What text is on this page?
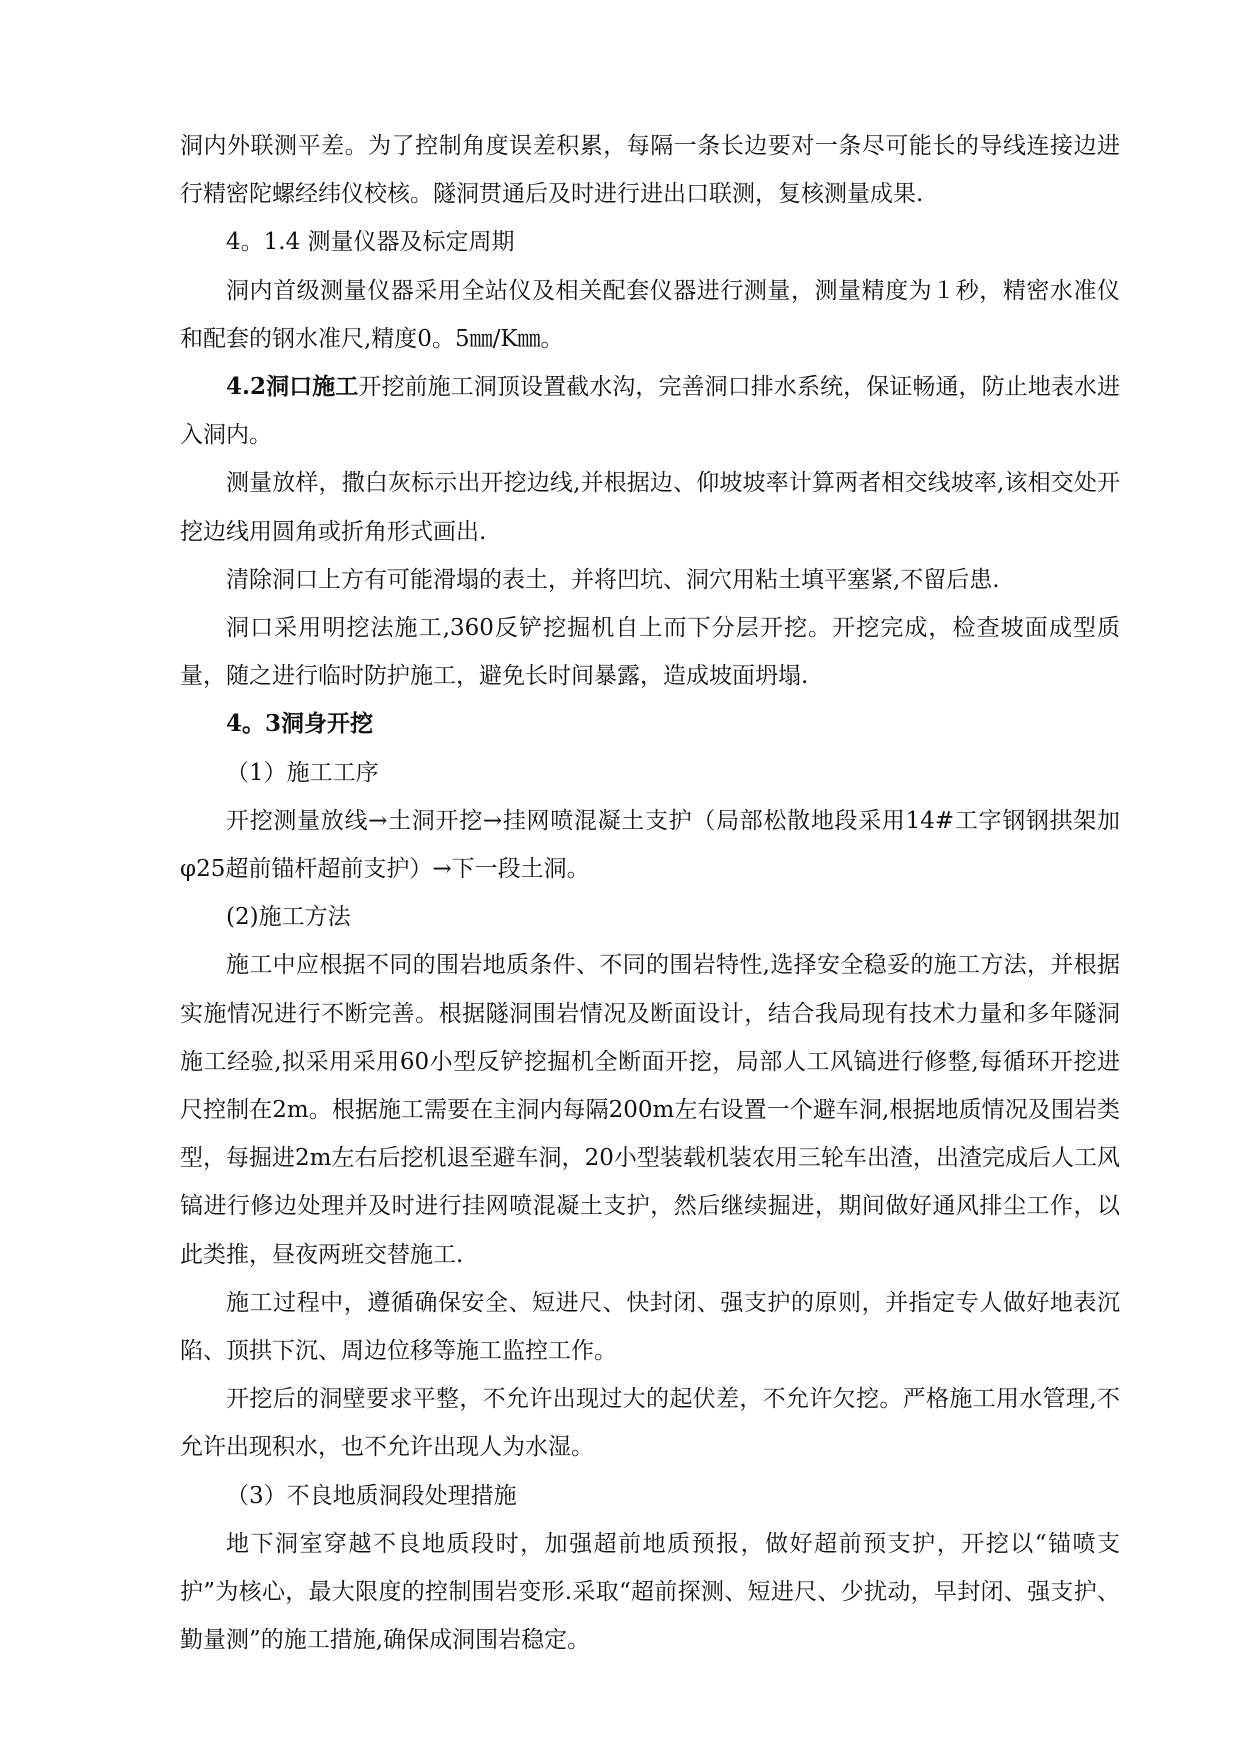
洞内外联测平差。为了控制角度误差积累，每隔一条长边要对一条尽可能长的导线连接边进行精密陀螺经纬仪校核。隧洞贯通后及时进行进出口联测，复核测量成果.

4。1.4 测量仪器及标定周期

洞内首级测量仪器采用全站仪及相关配套仪器进行测量，测量精度为１秒，精密水准仪和配套的钢水准尺,精度0。5㎜/K㎜。

4.2洞口施工开挖前施工洞顶设置截水沟，完善洞口排水系统，保证畅通，防止地表水进入洞内。

测量放样，撒白灰标示出开挖边线,并根据边、仰坡坡率计算两者相交线坡率,该相交处开挖边线用圆角或折角形式画出.

清除洞口上方有可能滑塌的表土，并将凹坑、洞穴用粘土填平塞紧,不留后患.

洞口采用明挖法施工,360反铲挖掘机自上而下分层开挖。开挖完成，检查坡面成型质量，随之进行临时防护施工，避免长时间暴露，造成坡面坍塌.

4。3洞身开挖

（1）施工工序

开挖测量放线→土洞开挖→挂网喷混凝土支护（局部松散地段采用14#工字钢钢拱架加φ25超前锚杆超前支护）→下一段土洞。

(2)施工方法

施工中应根据不同的围岩地质条件、不同的围岩特性,选择安全稳妥的施工方法，并根据实施情况进行不断完善。根据隧洞围岩情况及断面设计，结合我局现有技术力量和多年隧洞施工经验,拟采用采用60小型反铲挖掘机全断面开挖，局部人工风镐进行修整,每循环开挖进尺控制在2m。根据施工需要在主洞内每隔200m左右设置一个避车洞,根据地质情况及围岩类型，每掘进2m左右后挖机退至避车洞，20小型装载机装农用三轮车出渣，出渣完成后人工风镐进行修边处理并及时进行挂网喷混凝土支护，然后继续掘进，期间做好通风排尘工作，以此类推，昼夜两班交替施工.

施工过程中，遵循确保安全、短进尺、快封闭、强支护的原则，并指定专人做好地表沉陷、顶拱下沉、周边位移等施工监控工作。

开挖后的洞壁要求平整，不允许出现过大的起伏差，不允许欠挖。严格施工用水管理,不允许出现积水，也不允许出现人为水湿。

（3）不良地质洞段处理措施

地下洞室穿越不良地质段时，加强超前地质预报，做好超前预支护，开挖以“锚喷支护”为核心，最大限度的控制围岩变形.采取“超前探测、短进尺、少扰动，早封闭、强支护、勤量测”的施工措施,确保成洞围岩稳定。
